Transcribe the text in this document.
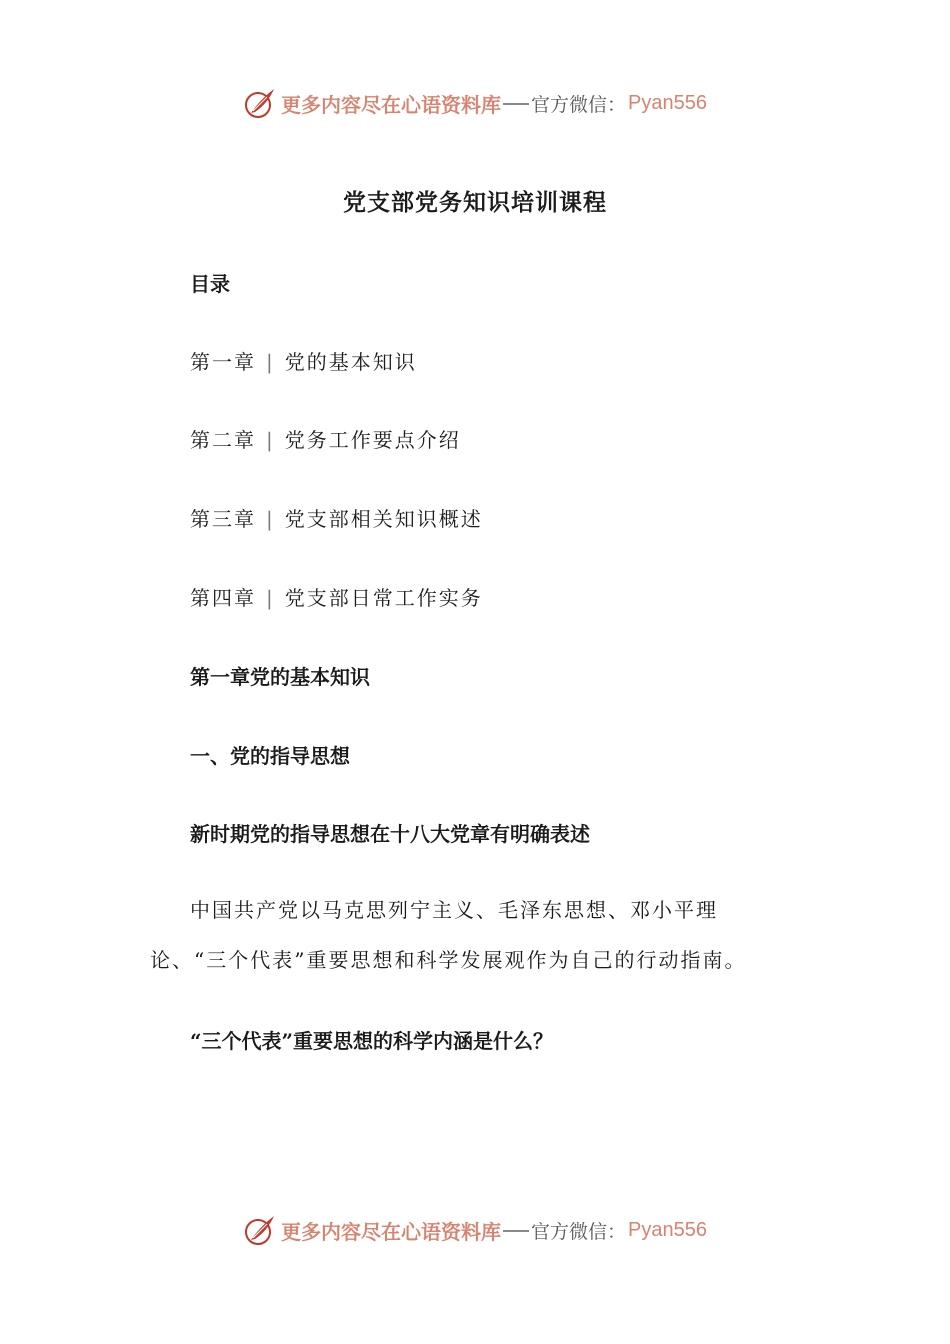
更多内容尽在心语资料库 官方微信： Pyan556
党支部党务知识培训课程

目录

第一章 | 党的基本知识
第二章 | 党务工作要点介绍
第三章 | 党支部相关知识概述
第四章 | 党支部日常工作实务

第一章党的基本知识

一、党的指导思想

新时期党的指导思想在十八大党章有明确表述

中国共产党以马克思列宁主义、毛泽东思想、邓小平理论、“三个代表”重要思想和科学发展观作为自己的行动指南。

“三个代表”重要思想的科学内涵是什么？

更多内容尽在心语资料库 官方微信： Pyan556
